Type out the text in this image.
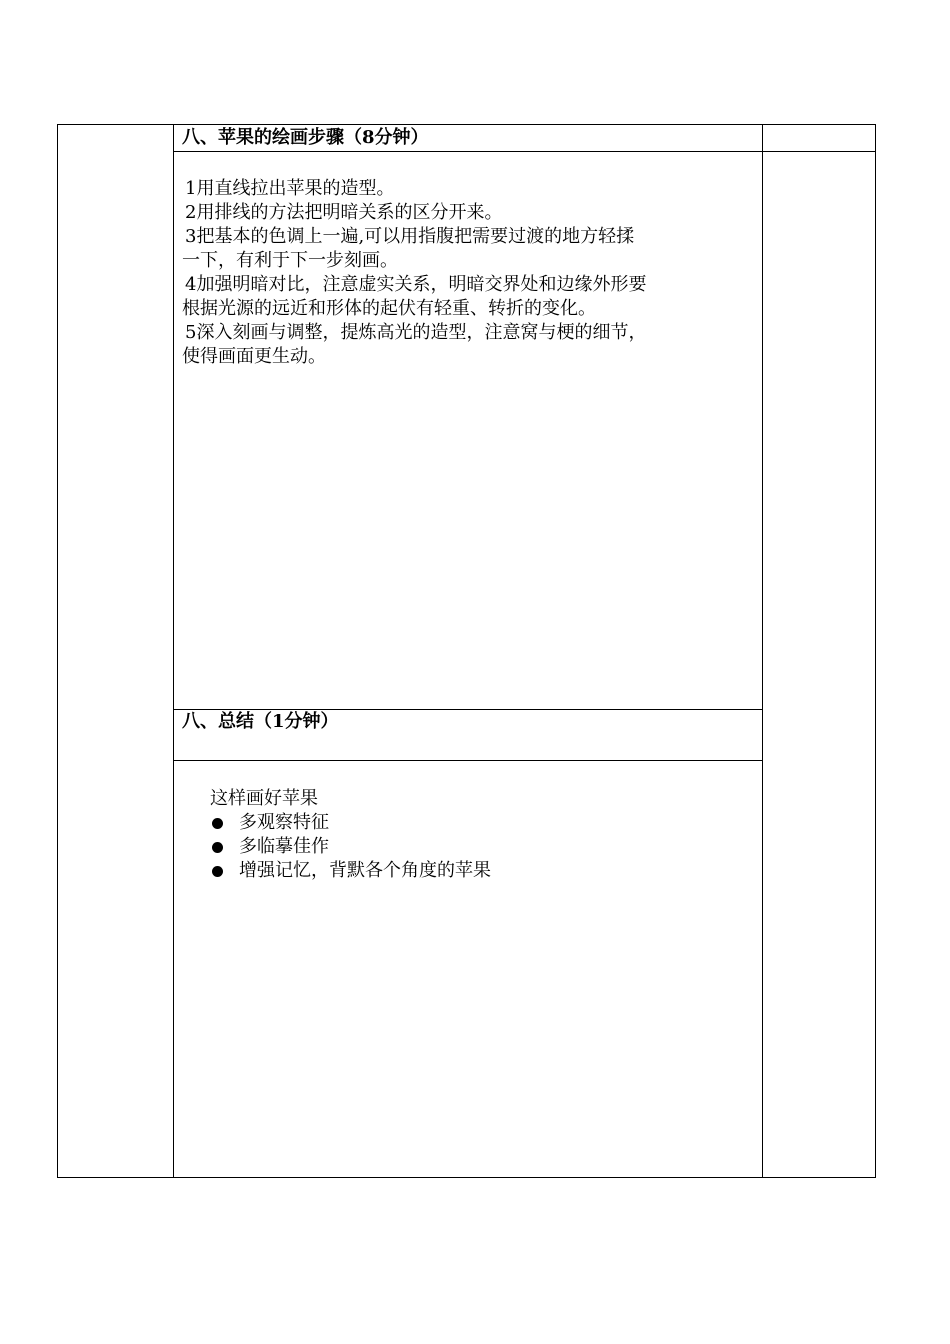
八、苹果的绘画步骤（8分钟）

1用直线拉出苹果的造型。

2用排线的方法把明暗关系的区分开来。

3把基本的色调上一遍,可以用指腹把需要过渡的地方轻揉

一下，有利于下一步刻画。

4加强明暗对比，注意虚实关系，明暗交界处和边缘外形要

根据光源的远近和形体的起伏有轻重、转折的变化。

5深入刻画与调整，提炼高光的造型，注意窝与梗的细节，

使得画面更生动。

八、总结（1分钟）

这样画好苹果

多观察特征
多临摹佳作
增强记忆，背默各个角度的苹果
